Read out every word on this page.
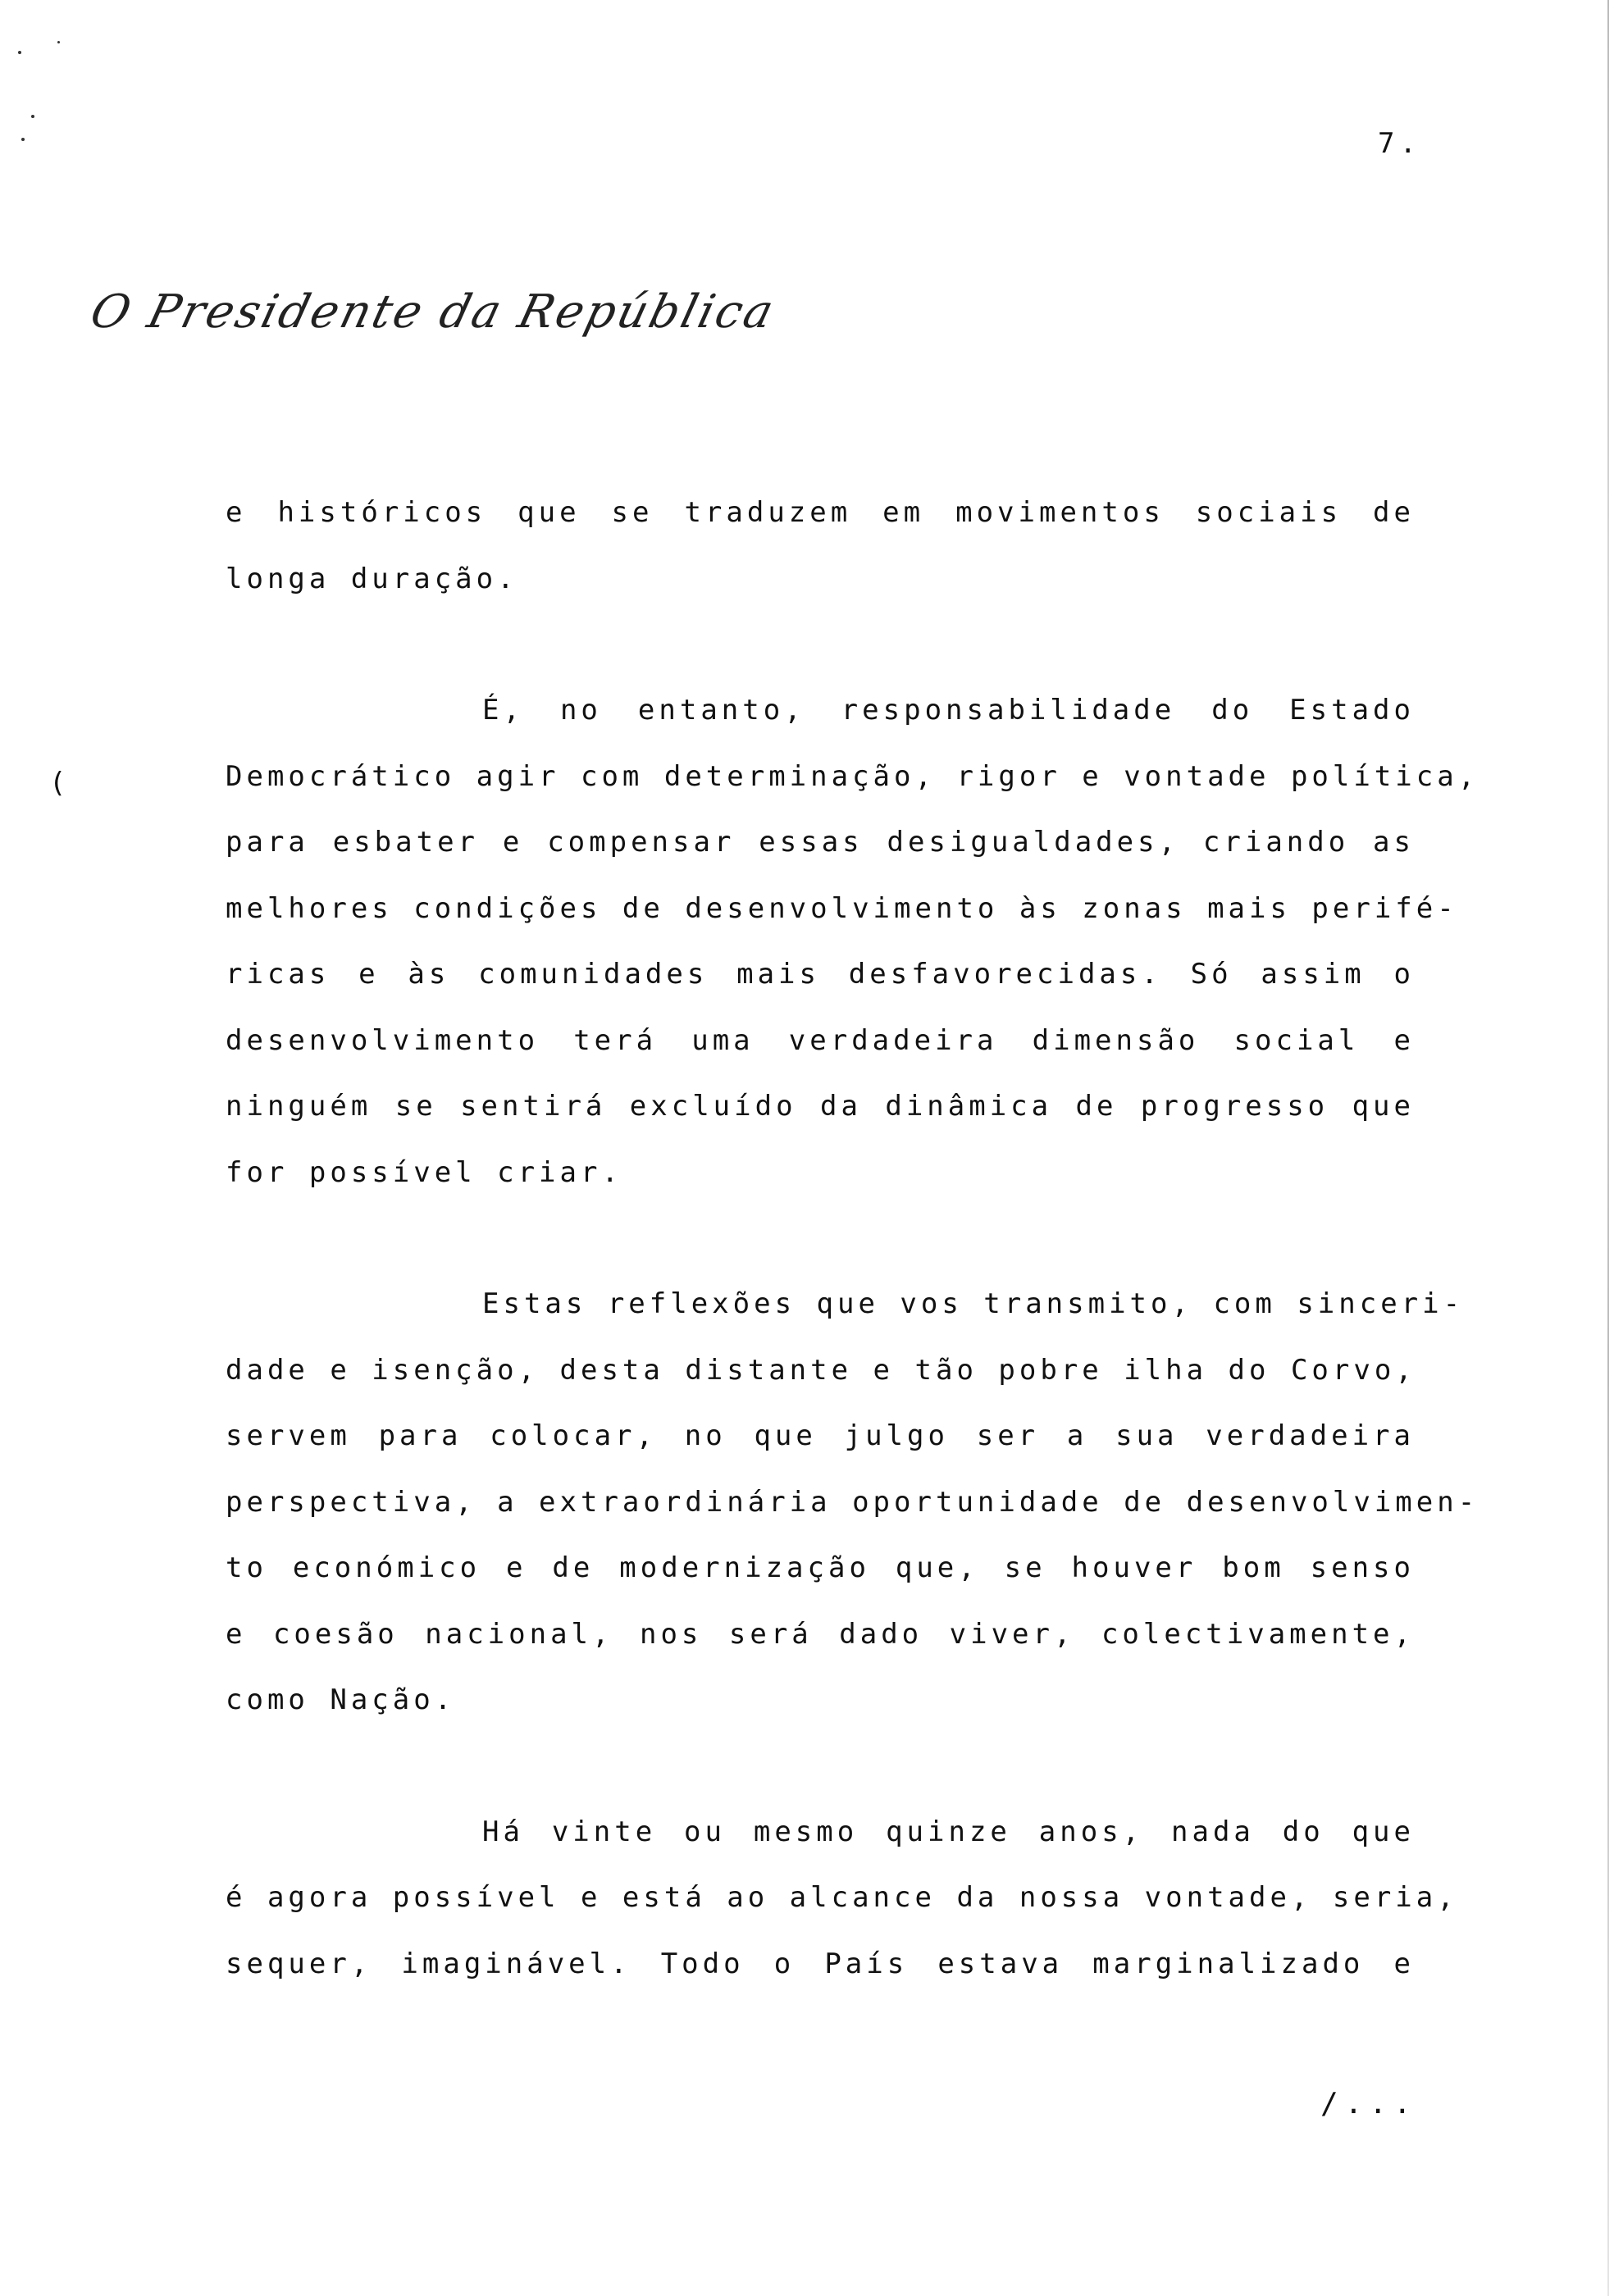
7.
O Presidente da República
(
e históricos que se traduzem em movimentos sociais de
longa duração.
É, no entanto, responsabilidade do Estado
Democrático agir com determinação, rigor e vontade política,
para esbater e compensar essas desigualdades, criando as
melhores condições de desenvolvimento às zonas mais perifé-
ricas e às comunidades mais desfavorecidas. Só assim o
desenvolvimento terá uma verdadeira dimensão social e
ninguém se sentirá excluído da dinâmica de progresso que
for possível criar.
Estas reflexões que vos transmito, com sinceri-
dade e isenção, desta distante e tão pobre ilha do Corvo,
servem para colocar, no que julgo ser a sua verdadeira
perspectiva, a extraordinária oportunidade de desenvolvimen-
to económico e de modernização que, se houver bom senso
e coesão nacional, nos será dado viver, colectivamente,
como Nação.
Há vinte ou mesmo quinze anos, nada do que
é agora possível e está ao alcance da nossa vontade, seria,
sequer, imaginável. Todo o País estava marginalizado e
/...
